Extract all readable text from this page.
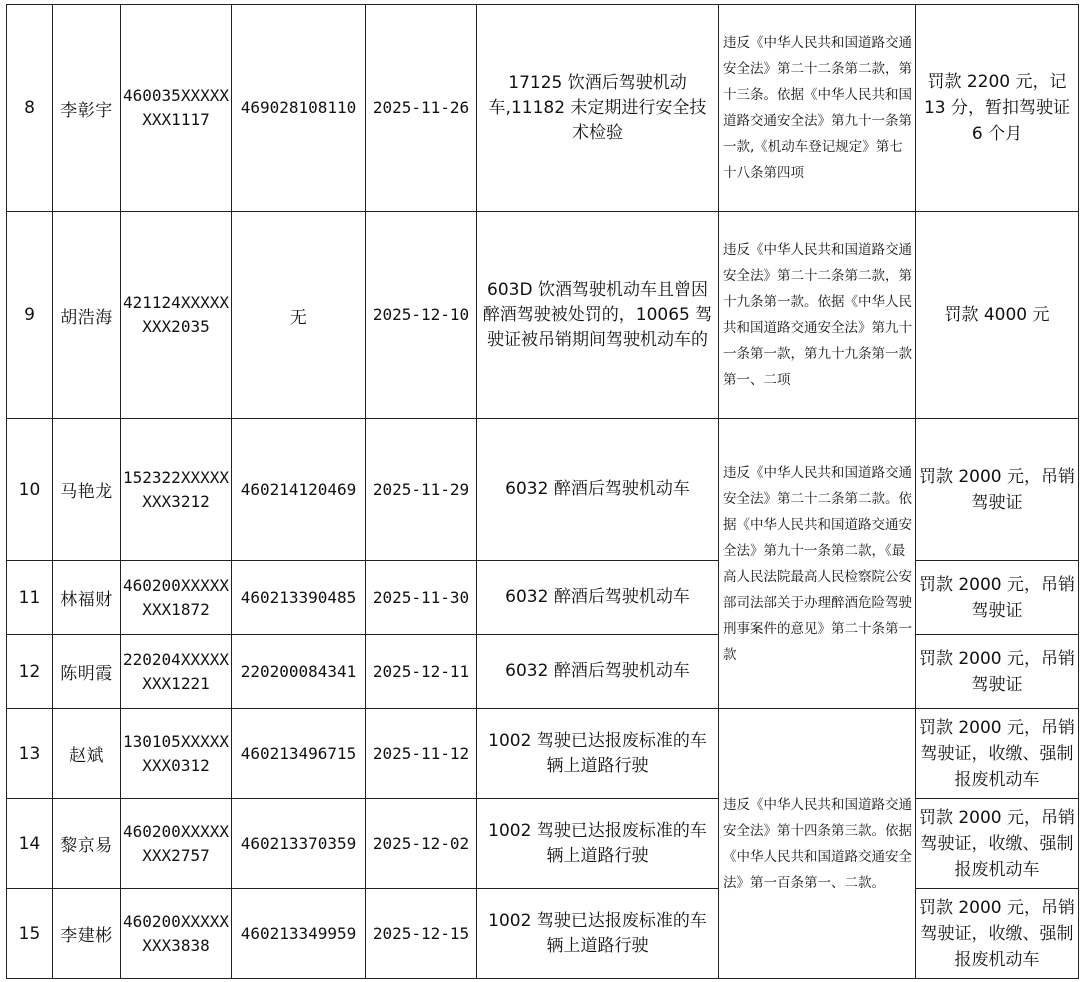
8	李彰宇	460035XXXXXXXX1117	469028108110	2025-11-26	17125 饮酒后驾驶机动车,11182 未定期进行安全技术检验	违反《中华人民共和国道路交通安全法》第二十二条第二款，第十三条。依据《中华人民共和国道路交通安全法》第九十一条第一款,《机动车登记规定》第七十八条第四项	罚款 2200 元，记 13 分，暂扣驾驶证 6 个月
9	胡浩海	421124XXXXXXXX2035	无	2025-12-10	603D 饮酒驾驶机动车且曾因醉酒驾驶被处罚的，10065 驾驶证被吊销期间驾驶机动车的	违反《中华人民共和国道路交通安全法》第二十二条第二款，第十九条第一款。依据《中华人民共和国道路交通安全法》第九十一条第一款，第九十九条第一款第一、二项	罚款 4000 元
10	马艳龙	152322XXXXXXXX3212	460214120469	2025-11-29	6032 醉酒后驾驶机动车	违反《中华人民共和国道路交通安全法》第二十二条第二款。依据《中华人民共和国道路交通安全法》第九十一条第二款，《最高人民法院最高人民检察院公安部司法部关于办理醉酒危险驾驶刑事案件的意见》第二十条第一款	罚款 2000 元，吊销驾驶证
11	林福财	460200XXXXXXXX1872	460213390485	2025-11-30	6032 醉酒后驾驶机动车		罚款 2000 元，吊销驾驶证
12	陈明霞	220204XXXXXXXX1221	220200084341	2025-12-11	6032 醉酒后驾驶机动车		罚款 2000 元，吊销驾驶证
13	赵斌	130105XXXXXXXX0312	460213496715	2025-11-12	1002 驾驶已达报废标准的车辆上道路行驶	违反《中华人民共和国道路交通安全法》第十四条第三款。依据《中华人民共和国道路交通安全法》第一百条第一、二款。	罚款 2000 元，吊销驾驶证，收缴、强制报废机动车
14	黎京易	460200XXXXXXXX2757	460213370359	2025-12-02	1002 驾驶已达报废标准的车辆上道路行驶		罚款 2000 元，吊销驾驶证，收缴、强制报废机动车
15	李建彬	460200XXXXXXXX3838	460213349959	2025-12-15	1002 驾驶已达报废标准的车辆上道路行驶		罚款 2000 元，吊销驾驶证，收缴、强制报废机动车
